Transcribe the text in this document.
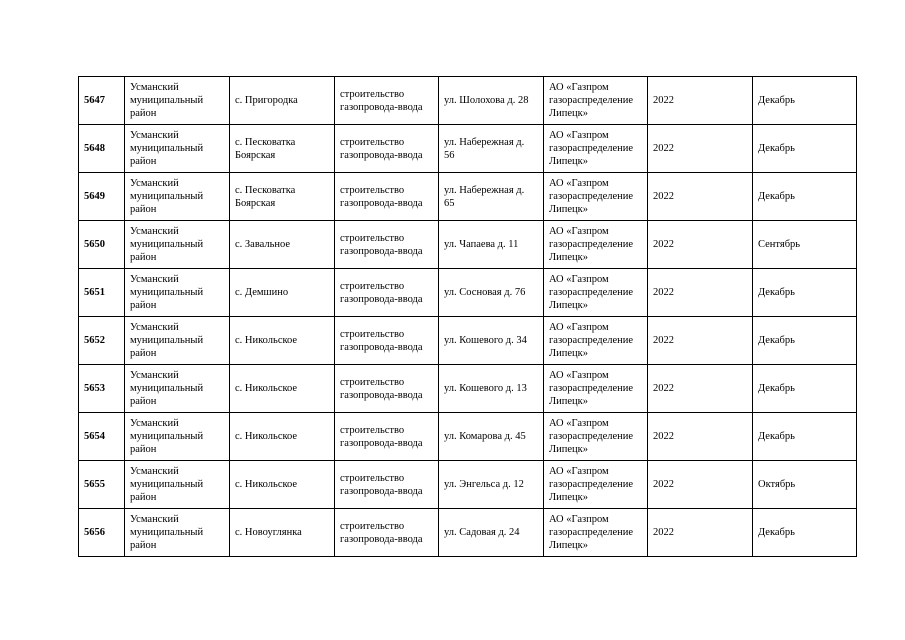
5647	Усманский
муниципальный
район	с. Пригородка	строительство
газопровода-ввода	ул. Шолохова д. 28	АО «Газпром
газораспределение
Липецк»	2022	Декабрь
5648	Усманский
муниципальный
район	с. Песковатка
Боярская	строительство
газопровода-ввода	ул. Набережная д.
56	АО «Газпром
газораспределение
Липецк»	2022	Декабрь
5649	Усманский
муниципальный
район	с. Песковатка
Боярская	строительство
газопровода-ввода	ул. Набережная д.
65	АО «Газпром
газораспределение
Липецк»	2022	Декабрь
5650	Усманский
муниципальный
район	с. Завальное	строительство
газопровода-ввода	ул. Чапаева д. 11	АО «Газпром
газораспределение
Липецк»	2022	Сентябрь
5651	Усманский
муниципальный
район	с. Демшино	строительство
газопровода-ввода	ул. Сосновая д. 76	АО «Газпром
газораспределение
Липецк»	2022	Декабрь
5652	Усманский
муниципальный
район	с. Никольское	строительство
газопровода-ввода	ул. Кошевого д. 34	АО «Газпром
газораспределение
Липецк»	2022	Декабрь
5653	Усманский
муниципальный
район	с. Никольское	строительство
газопровода-ввода	ул. Кошевого д. 13	АО «Газпром
газораспределение
Липецк»	2022	Декабрь
5654	Усманский
муниципальный
район	с. Никольское	строительство
газопровода-ввода	ул. Комарова д. 45	АО «Газпром
газораспределение
Липецк»	2022	Декабрь
5655	Усманский
муниципальный
район	с. Никольское	строительство
газопровода-ввода	ул. Энгельса д. 12	АО «Газпром
газораспределение
Липецк»	2022	Октябрь
5656	Усманский
муниципальный
район	с. Новоуглянка	строительство
газопровода-ввода	ул. Садовая д. 24	АО «Газпром
газораспределение
Липецк»	2022	Декабрь
